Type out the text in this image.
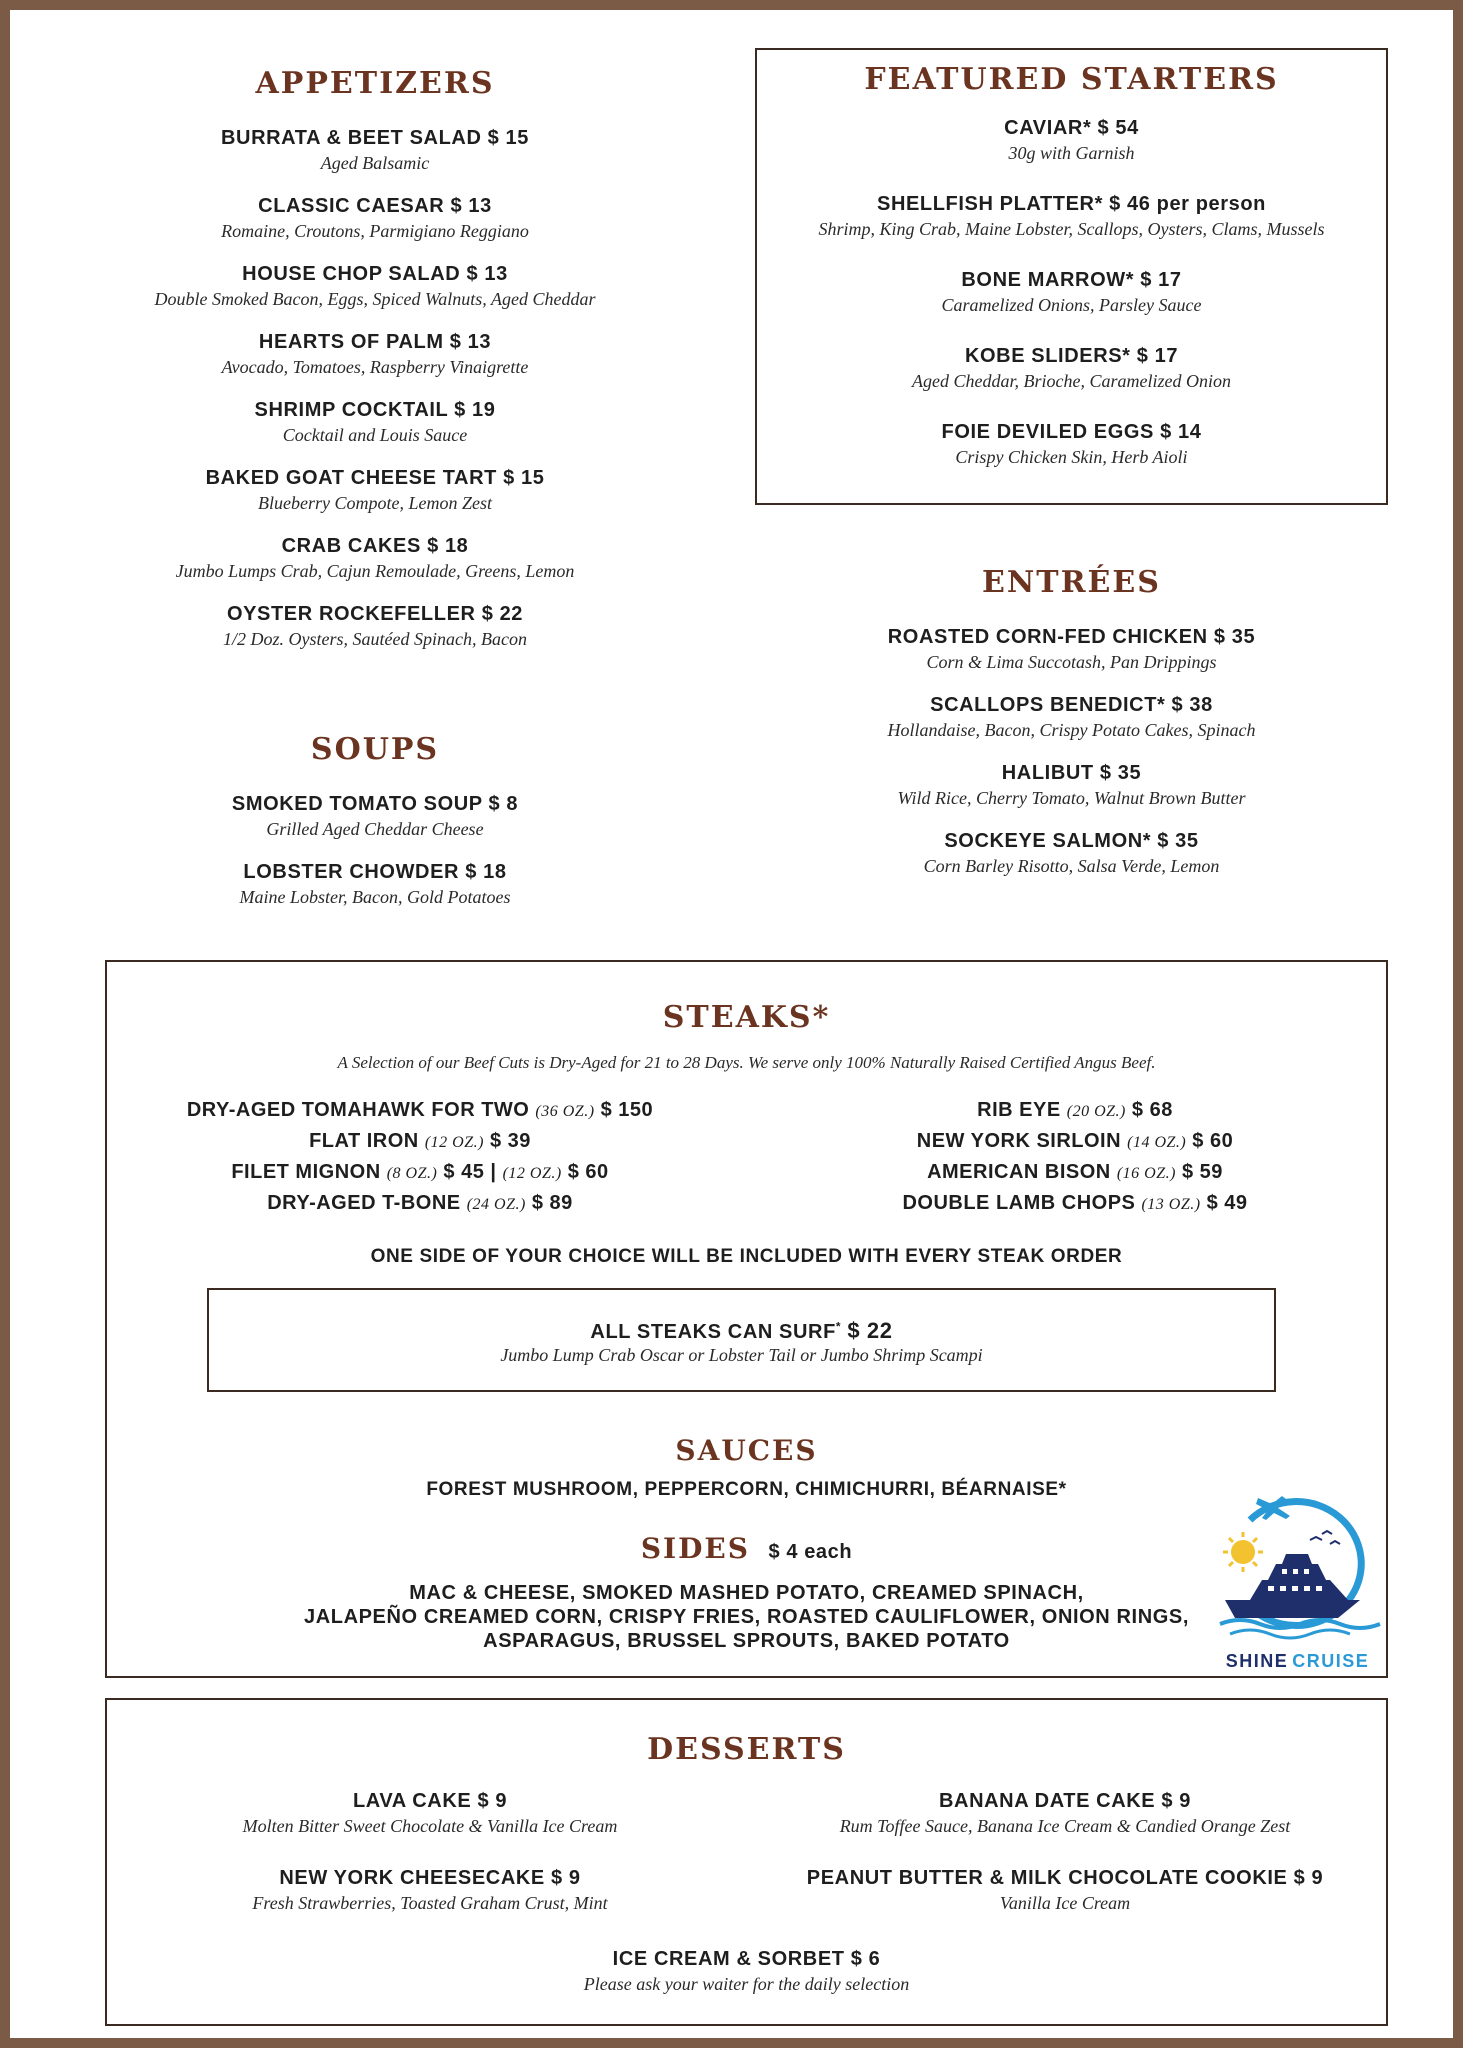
APPETIZERS
BURRATA & BEET SALAD $ 15
Aged Balsamic
CLASSIC CAESAR $ 13
Romaine, Croutons, Parmigiano Reggiano
HOUSE CHOP SALAD $ 13
Double Smoked Bacon, Eggs, Spiced Walnuts, Aged Cheddar
HEARTS OF PALM $ 13
Avocado, Tomatoes, Raspberry Vinaigrette
SHRIMP COCKTAIL $ 19
Cocktail and Louis Sauce
BAKED GOAT CHEESE TART $ 15
Blueberry Compote, Lemon Zest
CRAB CAKES $ 18
Jumbo Lumps Crab, Cajun Remoulade, Greens, Lemon
OYSTER ROCKEFELLER $ 22
1/2 Doz. Oysters, Sautéed Spinach, Bacon
SOUPS
SMOKED TOMATO SOUP $ 8
Grilled Aged Cheddar Cheese
LOBSTER CHOWDER $ 18
Maine Lobster, Bacon, Gold Potatoes
FEATURED STARTERS
CAVIAR* $ 54
30g with Garnish
SHELLFISH PLATTER* $ 46 per person
Shrimp, King Crab, Maine Lobster, Scallops, Oysters, Clams, Mussels
BONE MARROW* $ 17
Caramelized Onions, Parsley Sauce
KOBE SLIDERS* $ 17
Aged Cheddar, Brioche, Caramelized Onion
FOIE DEVILED EGGS $ 14
Crispy Chicken Skin, Herb Aioli
ENTRÉES
ROASTED CORN-FED CHICKEN $ 35
Corn & Lima Succotash, Pan Drippings
SCALLOPS BENEDICT* $ 38
Hollandaise, Bacon, Crispy Potato Cakes, Spinach
HALIBUT $ 35
Wild Rice, Cherry Tomato, Walnut Brown Butter
SOCKEYE SALMON* $ 35
Corn Barley Risotto, Salsa Verde, Lemon
STEAKS*
A Selection of our Beef Cuts is Dry-Aged for 21 to 28 Days. We serve only 100% Naturally Raised Certified Angus Beef.
DRY-AGED TOMAHAWK FOR TWO (36 OZ.) $ 150
FLAT IRON (12 OZ.) $ 39
FILET MIGNON (8 OZ.) $ 45 | (12 OZ.) $ 60
DRY-AGED T-BONE (24 OZ.) $ 89
RIB EYE (20 OZ.) $ 68
NEW YORK SIRLOIN (14 OZ.) $ 60
AMERICAN BISON (16 OZ.) $ 59
DOUBLE LAMB CHOPS (13 OZ.) $ 49
ONE SIDE OF YOUR CHOICE WILL BE INCLUDED WITH EVERY STEAK ORDER
ALL STEAKS CAN SURF* $ 22
Jumbo Lump Crab Oscar or Lobster Tail or Jumbo Shrimp Scampi
SAUCES
FOREST MUSHROOM, PEPPERCORN, CHIMICHURRI, BÉARNAISE*
SIDES $ 4 each
MAC & CHEESE, SMOKED MASHED POTATO, CREAMED SPINACH,
JALAPEÑO CREAMED CORN, CRISPY FRIES, ROASTED CAULIFLOWER, ONION RINGS,
ASPARAGUS, BRUSSEL SPROUTS, BAKED POTATO
SHINE CRUISE
DESSERTS
LAVA CAKE $ 9
Molten Bitter Sweet Chocolate & Vanilla Ice Cream
NEW YORK CHEESECAKE $ 9
Fresh Strawberries, Toasted Graham Crust, Mint
BANANA DATE CAKE $ 9
Rum Toffee Sauce, Banana Ice Cream & Candied Orange Zest
PEANUT BUTTER & MILK CHOCOLATE COOKIE $ 9
Vanilla Ice Cream
ICE CREAM & SORBET $ 6
Please ask your waiter for the daily selection
